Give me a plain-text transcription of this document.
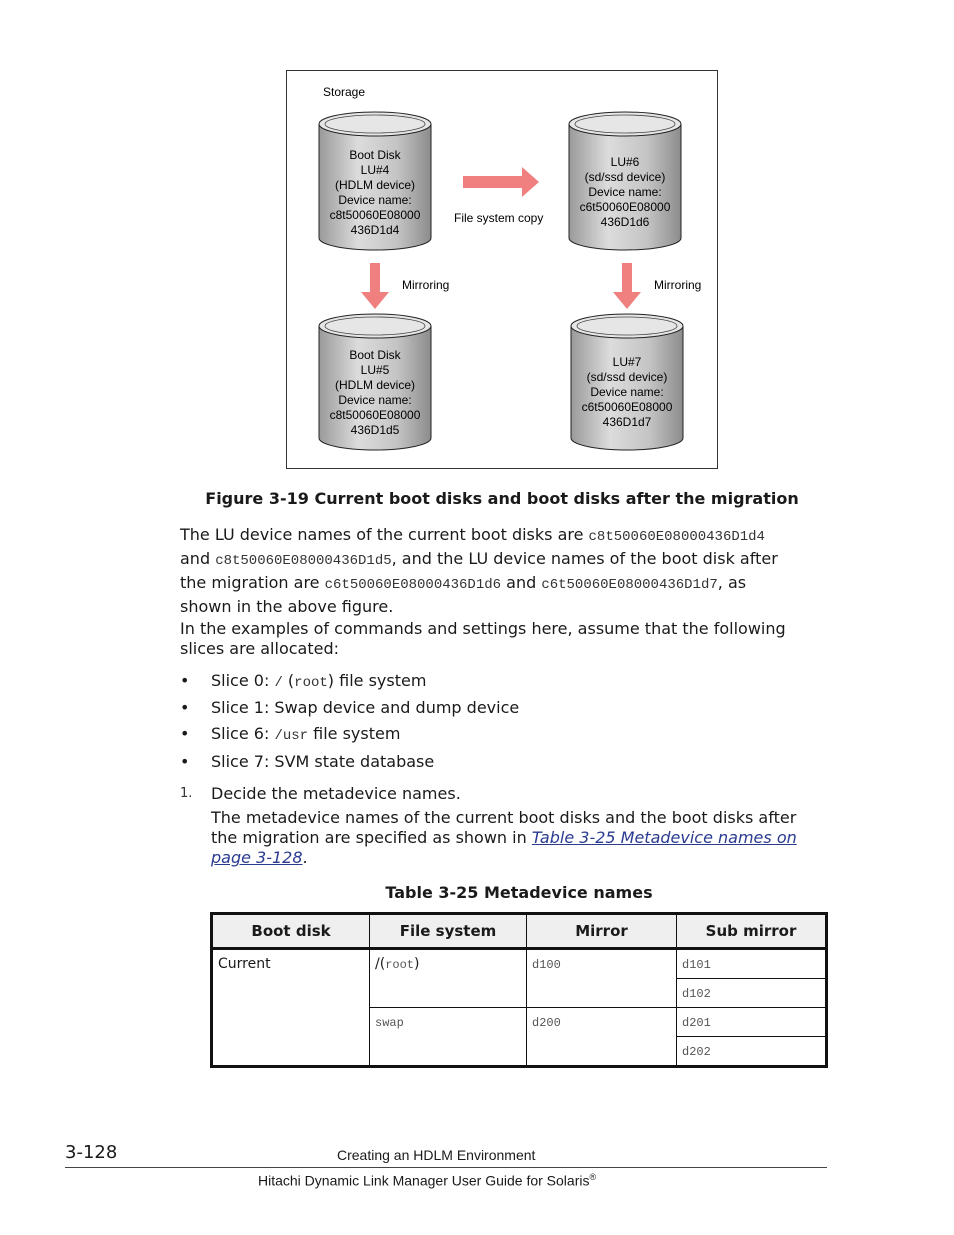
Storage
Boot Disk
LU#4
(HDLM device)
Device name:
c8t50060E08000
436D1d4
LU#6
(sd/ssd device)
Device name:
c6t50060E08000
436D1d6
Boot Disk
LU#5
(HDLM device)
Device name:
c8t50060E08000
436D1d5
LU#7
(sd/ssd device)
Device name:
c6t50060E08000
436D1d7
File system copy
Mirroring	Mirroring
Figure 3-19 Current boot disks and boot disks after the migration
The LU device names of the current boot disks are c8t50060E08000436D1d4
and c8t50060E08000436D1d5, and the LU device names of the boot disk after
the migration are c6t50060E08000436D1d6 and c6t50060E08000436D1d7, as
shown in the above figure.
In the examples of commands and settings here, assume that the following
slices are allocated:
• Slice 0: / (root) file system
• Slice 1: Swap device and dump device
• Slice 6: /usr file system
• Slice 7: SVM state database
1. Decide the metadevice names.
The metadevice names of the current boot disks and the boot disks after
the migration are specified as shown in Table 3-25 Metadevice names on
page 3-128.
Table 3-25 Metadevice names
Boot disk	File system	Mirror	Sub mirror
Current	/(root)	d100	d101
			d102
	swap	d200	d201
			d202
3-128	Creating an HDLM Environment
Hitachi Dynamic Link Manager User Guide for Solaris®
